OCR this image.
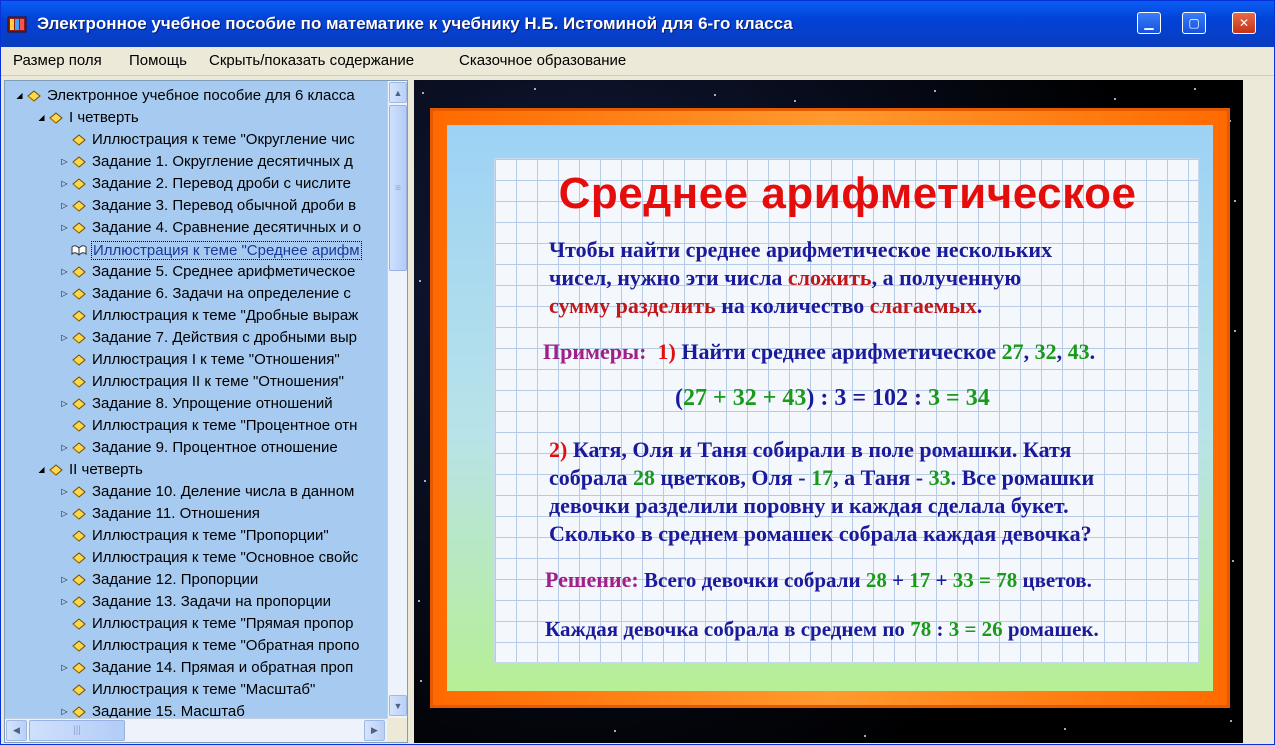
Электронное учебное пособие по математике к учебнику Н.Б. Истоминой для 6-го класса	▁	▢	✕
Размер поля Помощь Скрыть/показать содержание	Сказочное образование
◢ Электронное учебное пособие для 6 класса
◢ I четверть
Иллюстрация к теме "Округление чис
▷ Задание 1. Округление десятичных д
▷ Задание 2. Перевод дроби с числите
▷ Задание 3. Перевод обычной дроби в
▷ Задание 4. Сравнение десятичных и о
Иллюстрация к теме "Среднее арифм
▷ Задание 5. Среднее арифметическое
▷ Задание 6. Задачи на определение с
Иллюстрация к теме "Дробные выраж
▷ Задание 7. Действия с дробными выр
Иллюстрация I к теме "Отношения"
Иллюстрация II к теме "Отношения"
▷ Задание 8. Упрощение отношений
Иллюстрация к теме "Процентное отн
▷ Задание 9. Процентное отношение
◢ II четверть
▷ Задание 10. Деление числа в данном
▷ Задание 11. Отношения
Иллюстрация к теме "Пропорции"
Иллюстрация к теме "Основное свойс
▷ Задание 12. Пропорции
▷ Задание 13. Задачи на пропорции
Иллюстрация к теме "Прямая пропор
Иллюстрация к теме "Обратная пропо
▷ Задание 14. Прямая и обратная проп
Иллюстрация к теме "Масштаб"
▷ Задание 15. Масштаб
▲
≡
▼
◀	|||	▶
Среднее арифметическое
Чтобы найти среднее арифметическое нескольких
чисел, нужно эти числа сложить, а полученную
сумму разделить на количество слагаемых.
Примеры: 1) Найти среднее арифметическое 27, 32, 43.
(27 + 32 + 43) : 3 = 102 : 3 = 34
2) Катя, Оля и Таня собирали в поле ромашки. Катя
собрала 28 цветков, Оля - 17, а Таня - 33. Все ромашки
девочки разделили поровну и каждая сделала букет.
Сколько в среднем ромашек собрала каждая девочка?
Решение: Всего девочки собрали 28 + 17 + 33 = 78 цветов.
Каждая девочка собрала в среднем по 78 : 3 = 26 ромашек.
